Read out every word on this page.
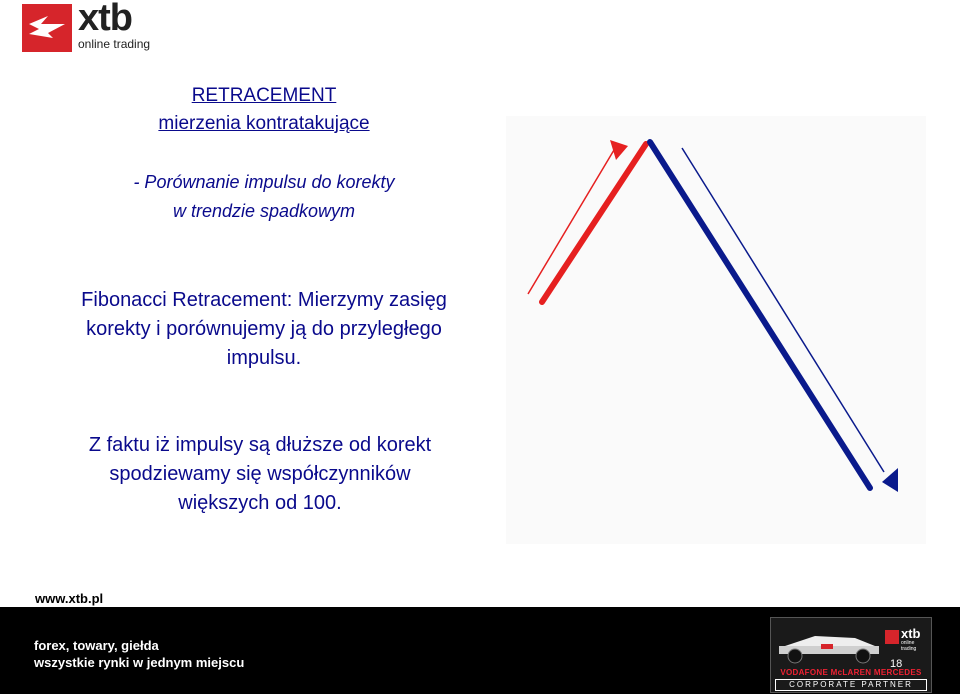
xtb
online trading
RETRACEMENT
mierzenia kontratakujące
- Porównanie impulsu do korekty
w trendzie spadkowym
Fibonacci Retracement: Mierzymy zasięg korekty i porównujemy ją do przyległego impulsu.
Z faktu iż impulsy są dłuższe od korekt spodziewamy się współczynników większych od 100.
www.xtb.pl
forex, towary, giełda
wszystkie rynki w jednym miejscu
xtb
online trading
VODAFONE McLAREN MERCEDES
CORPORATE PARTNER
18
